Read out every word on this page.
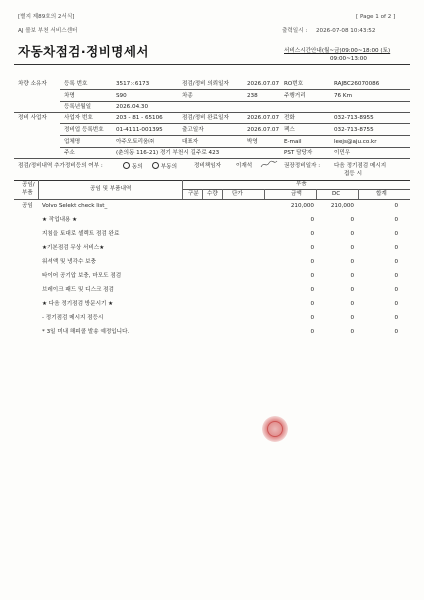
[별지 제89호의 2서식]	[ Page 1 of 2 ]
AJ 볼보 부천 서비스센터	출력일시 : 2026-07-08 10:43:52
자동차점검·정비명세서	서비스시간안내(월~금)09:00~18:00 (토)
09:00~13:00
차량 소유자	등록 번호	3517⁙6173	점검/정비 의뢰일자	2026.07.07 RO번호	RAJBC26070086
차명	S90	차종	238	주행거리	76 Km
등록년월일	2026.04.30
정비 사업자	사업자 번호	203 - 81 - 65106	점검/정비 완료일자	2026.07.07 전화	032-713-8955
정비업 등록번호 01-4111-001395	출고일자	2026.07.07 팩스	032-713-8755
업체명	아주오토리움㈜	대표자	박영	E-mail	leejs@aju.co.kr
주소	(춘의동 116-21) 경기 부천시 길주로 423	PST 담당자	이민우
점검/정비내역 추가정비등의 여부 :	동의	부동의	정비책임자	이재석	권장정비일자 : 다음 정기점검 메시지
접등 시
공임/
부품
공임 및 부품내역
부품
구분 수량	단가	금액	DC	합계
공임 Volvo Selekt check list_	210,000	210,000	0
★ 작업내용 ★	0	0	0
지침을 토대로 셀렉트 점검 완료	0	0	0
★기본점검 무상 서비스★	0	0	0
워셔액 및 냉각수 보충	0	0	0
타이어 공기압 보충, 마모도 점검	0	0	0
브레이크 패드 및 디스크 점검	0	0	0
★ 다음 정기점검 방문시기 ★	0	0	0
- 정기점검 메시지 점등시	0	0	0
* 3일 미내 해피콜 발송 예정입니다.	0	0	0
